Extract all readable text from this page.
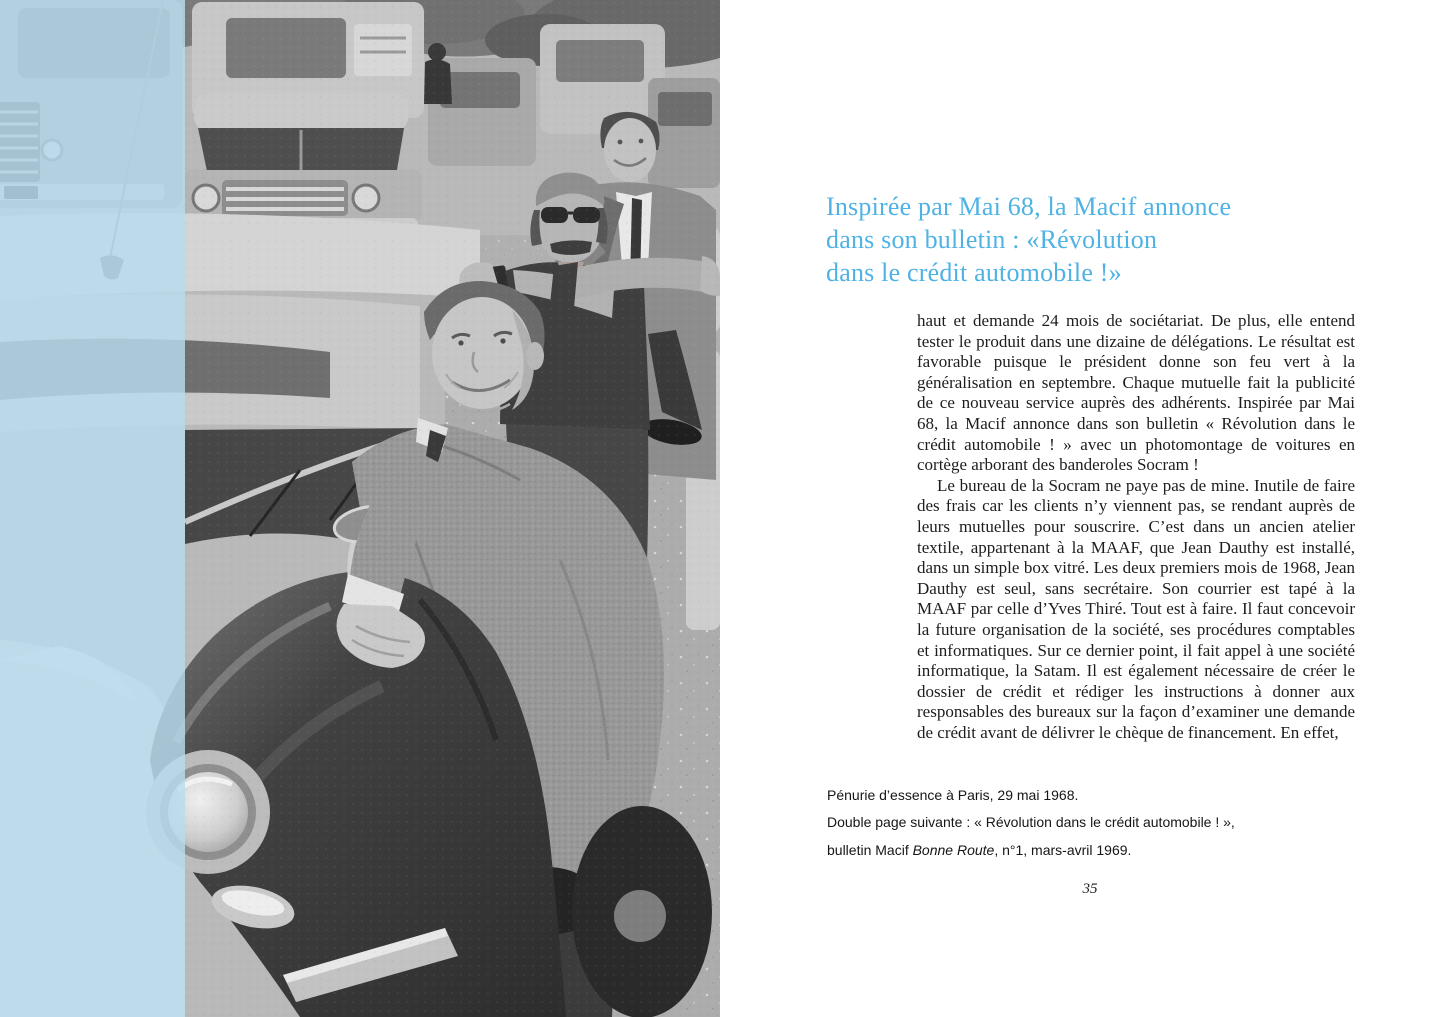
Inspirée par Mai 68, la Macif annonce
dans son bulletin : «Révolution
dans le crédit automobile !»

haut et demande 24 mois de sociétariat. De plus, elle entend tester le produit dans une dizaine de délégations. Le résultat est favorable puisque le président donne son feu vert à la généralisation en septembre. Chaque mutuelle fait la publicité de ce nouveau service auprès des adhérents. Inspirée par Mai 68, la Macif annonce dans son bulletin « Révolution dans le crédit automobile ! » avec un photomontage de voitures en cortège arborant des banderoles Socram !

Le bureau de la Socram ne paye pas de mine. Inutile de faire des frais car les clients n’y viennent pas, se rendant auprès de leurs mutuelles pour souscrire. C’est dans un ancien atelier textile, appartenant à la MAAF, que Jean Dauthy est installé, dans un simple box vitré. Les deux premiers mois de 1968, Jean Dauthy est seul, sans secrétaire. Son courrier est tapé à la MAAF par celle d’Yves Thiré. Tout est à faire. Il faut concevoir la future organisation de la société, ses procédures comptables et informatiques. Sur ce dernier point, il fait appel à une société informatique, la Satam. Il est également nécessaire de créer le dossier de crédit et rédiger les instructions à donner aux responsables des bureaux sur la façon d’examiner une demande de crédit avant de délivrer le chèque de financement. En effet,

Pénurie d’essence à Paris, 29 mai 1968.

Double page suivante : « Révolution dans le crédit automobile ! »,

bulletin Macif Bonne Route, n°1, mars-avril 1969.

35
